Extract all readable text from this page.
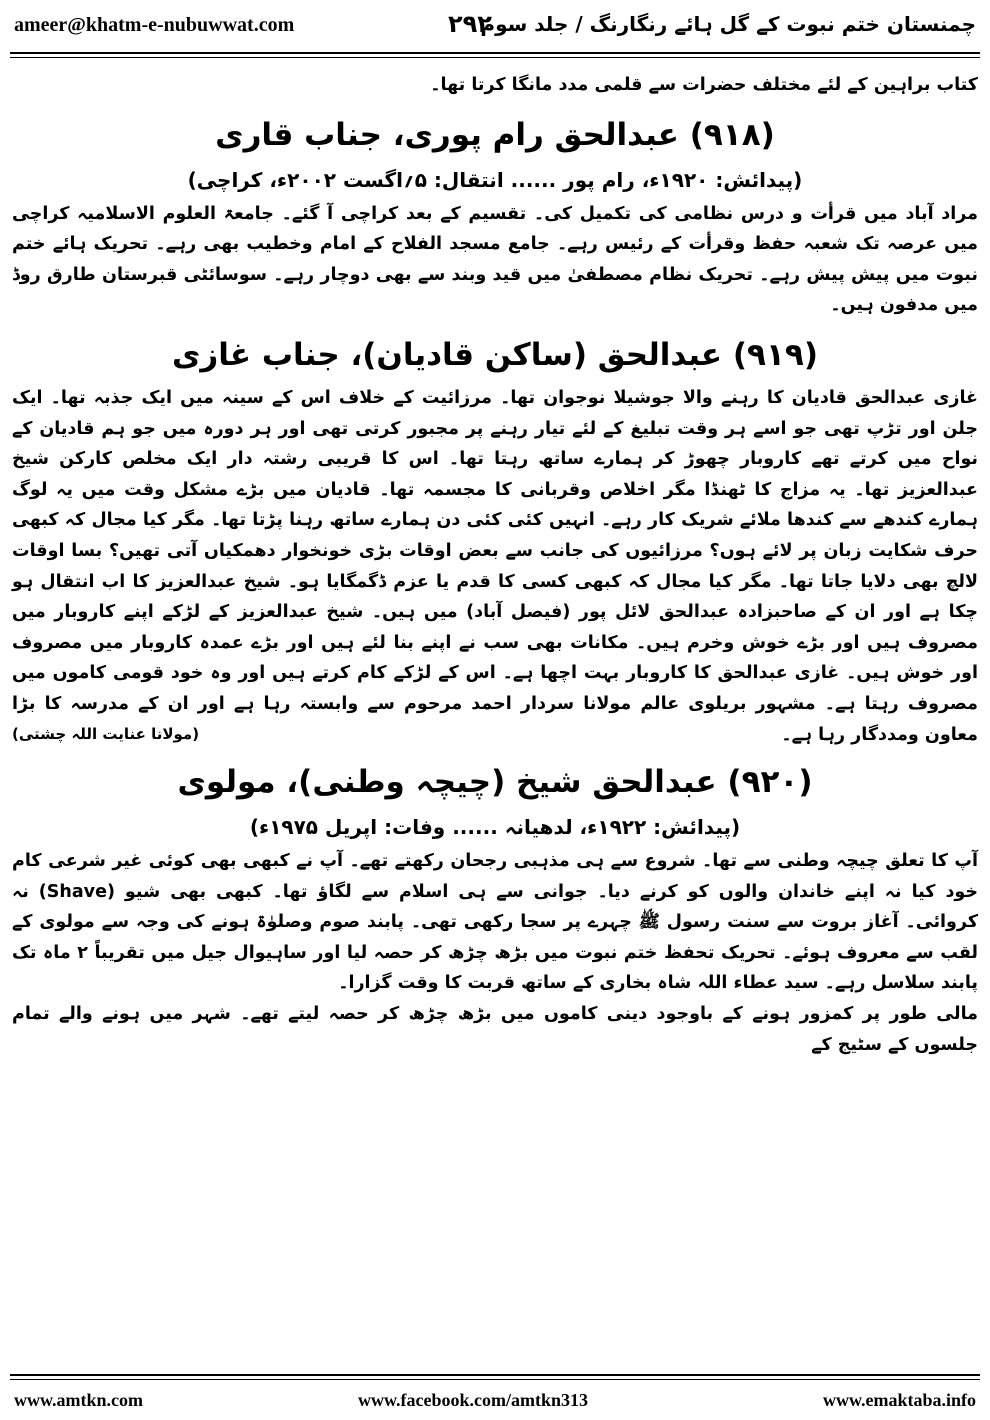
ameer@khatm-e-nubuwwat.com	۲۹۲
چمنستان ختم نبوت کے گل ہائے رنگارنگ / جلد سوم

کتاب براہین کے لئے مختلف حضرات سے قلمی مدد مانگا کرتا تھا۔

(۹۱۸) عبدالحق رام پوری، جناب قاری
(پیدائش: ۱۹۲۰ء، رام پور ...... انتقال: ۵؍اگست ۲۰۰۲ء، کراچی)

مراد آباد میں قرأت و درس نظامی کی تکمیل کی۔ تقسیم کے بعد کراچی آ گئے۔ جامعۃ العلوم الاسلامیہ کراچی میں عرصہ تک شعبہ حفظ وقرأت کے رئیس رہے۔ جامع مسجد الفلاح کے امام وخطیب بھی رہے۔ تحریک ہائے ختم نبوت میں پیش پیش رہے۔ تحریک نظام مصطفیٰ میں قید وبند سے بھی دوچار رہے۔ سوسائٹی قبرستان طارق روڈ میں مدفون ہیں۔

(۹۱۹) عبدالحق (ساکن قادیان)، جناب غازی

غازی عبدالحق قادیان کا رہنے والا جوشیلا نوجوان تھا۔ مرزائیت کے خلاف اس کے سینہ میں ایک جذبہ تھا۔ ایک جلن اور تڑپ تھی جو اسے ہر وقت تبلیغ کے لئے تیار رہنے پر مجبور کرتی تھی اور ہر دورہ میں جو ہم قادیان کے نواح میں کرتے تھے کاروبار چھوڑ کر ہمارے ساتھ رہتا تھا۔ اس کا قریبی رشتہ دار ایک مخلص کارکن شیخ عبدالعزیز تھا۔ یہ مزاج کا ٹھنڈا مگر اخلاص وقربانی کا مجسمہ تھا۔ قادیان میں بڑے مشکل وقت میں یہ لوگ ہمارے کندھے سے کندھا ملائے شریک کار رہے۔ انہیں کئی کئی دن ہمارے ساتھ رہنا پڑتا تھا۔ مگر کیا مجال کہ کبھی حرف شکایت زبان پر لائے ہوں؟ مرزائیوں کی جانب سے بعض اوقات بڑی خونخوار دھمکیاں آتی تھیں؟ بسا اوقات لالچ بھی دلایا جاتا تھا۔ مگر کیا مجال کہ کبھی کسی کا قدم یا عزم ڈگمگایا ہو۔ شیخ عبدالعزیز کا اب انتقال ہو چکا ہے اور ان کے صاحبزادہ عبدالحق لائل پور (فیصل آباد) میں ہیں۔ شیخ عبدالعزیز کے لڑکے اپنے کاروبار میں مصروف ہیں اور بڑے خوش وخرم ہیں۔ مکانات بھی سب نے اپنے بنا لئے ہیں اور بڑے عمدہ کاروبار میں مصروف اور خوش ہیں۔ غازی عبدالحق کا کاروبار بہت اچھا ہے۔ اس کے لڑکے کام کرتے ہیں اور وہ خود قومی کاموں میں مصروف رہتا ہے۔ مشہور بریلوی عالم مولانا سردار احمد مرحوم سے وابستہ رہا ہے اور ان کے مدرسہ کا بڑا معاون ومددگار رہا ہے۔

(مولانا عنایت اللہ چشتی)
(۹۲۰) عبدالحق شیخ (چیچہ وطنی)، مولوی
(پیدائش: ۱۹۲۲ء، لدھیانہ ...... وفات: اپریل ۱۹۷۵ء)

آپ کا تعلق چیچہ وطنی سے تھا۔ شروع سے ہی مذہبی رجحان رکھتے تھے۔ آپ نے کبھی بھی کوئی غیر شرعی کام خود کیا نہ اپنے خاندان والوں کو کرنے دیا۔ جوانی سے ہی اسلام سے لگاؤ تھا۔ کبھی بھی شیو (Shave) نہ کروائی۔ آغاز بروت سے سنت رسول ﷺ چہرے پر سجا رکھی تھی۔ پابند صوم وصلوٰۃ ہونے کی وجہ سے مولوی کے لقب سے معروف ہوئے۔ تحریک تحفظ ختم نبوت میں بڑھ چڑھ کر حصہ لیا اور ساہیوال جیل میں تقریباً ۲ ماہ تک پابند سلاسل رہے۔ سید عطاء اللہ شاہ بخاری کے ساتھ قربت کا وقت گزارا۔

مالی طور پر کمزور ہونے کے باوجود دینی کاموں میں بڑھ چڑھ کر حصہ لیتے تھے۔ شہر میں ہونے والے تمام جلسوں کے سٹیج کے

www.amtkn.com	www.facebook.com/amtkn313	www.emaktaba.info
